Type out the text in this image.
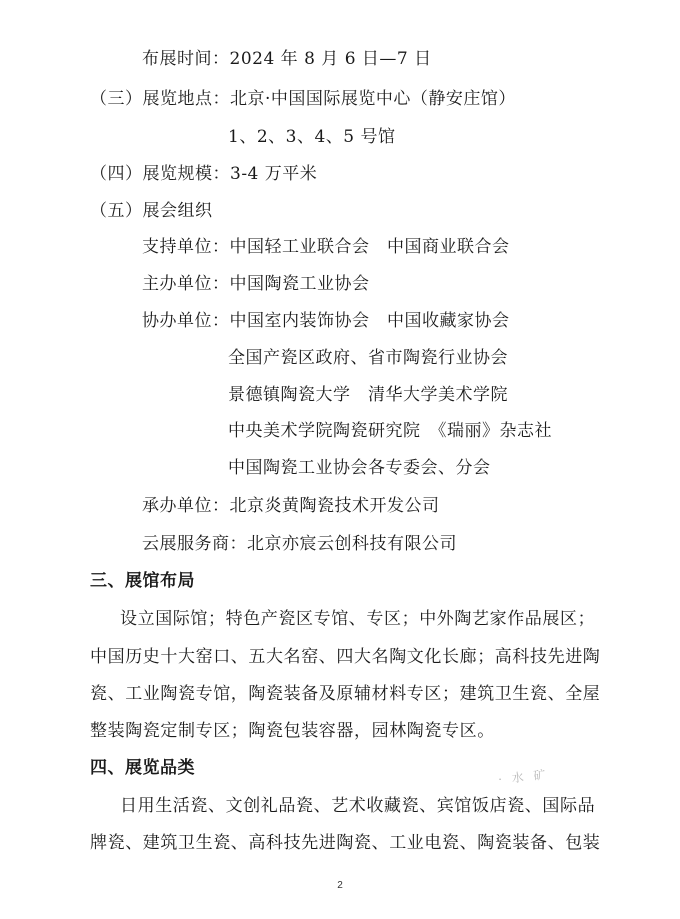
布展时间：2024 年 8 月 6 日—7 日
（三）展览地点：北京·中国国际展览中心（静安庄馆）
1、2、3、4、5 号馆
（四）展览规模：3-4 万平米
（五）展会组织
支持单位：中国轻工业联合会　中国商业联合会
主办单位：中国陶瓷工业协会
协办单位：中国室内装饰协会　中国收藏家协会
全国产瓷区政府、省市陶瓷行业协会
景德镇陶瓷大学　清华大学美术学院
中央美术学院陶瓷研究院　《瑞丽》杂志社
中国陶瓷工业协会各专委会、分会
承办单位：北京炎黄陶瓷技术开发公司
云展服务商：北京亦宸云创科技有限公司
三、展馆布局
设立国际馆；特色产瓷区专馆、专区；中外陶艺家作品展区；
中国历史十大窑口、五大名窑、四大名陶文化长廊；高科技先进陶
瓷、工业陶瓷专馆，陶瓷装备及原辅材料专区；建筑卫生瓷、全屋
整装陶瓷定制专区；陶瓷包装容器，园林陶瓷专区。
四、展览品类	· 水 矿
日用生活瓷、文创礼品瓷、艺术收藏瓷、宾馆饭店瓷、国际品
牌瓷、建筑卫生瓷、高科技先进陶瓷、工业电瓷、陶瓷装备、包装
2
